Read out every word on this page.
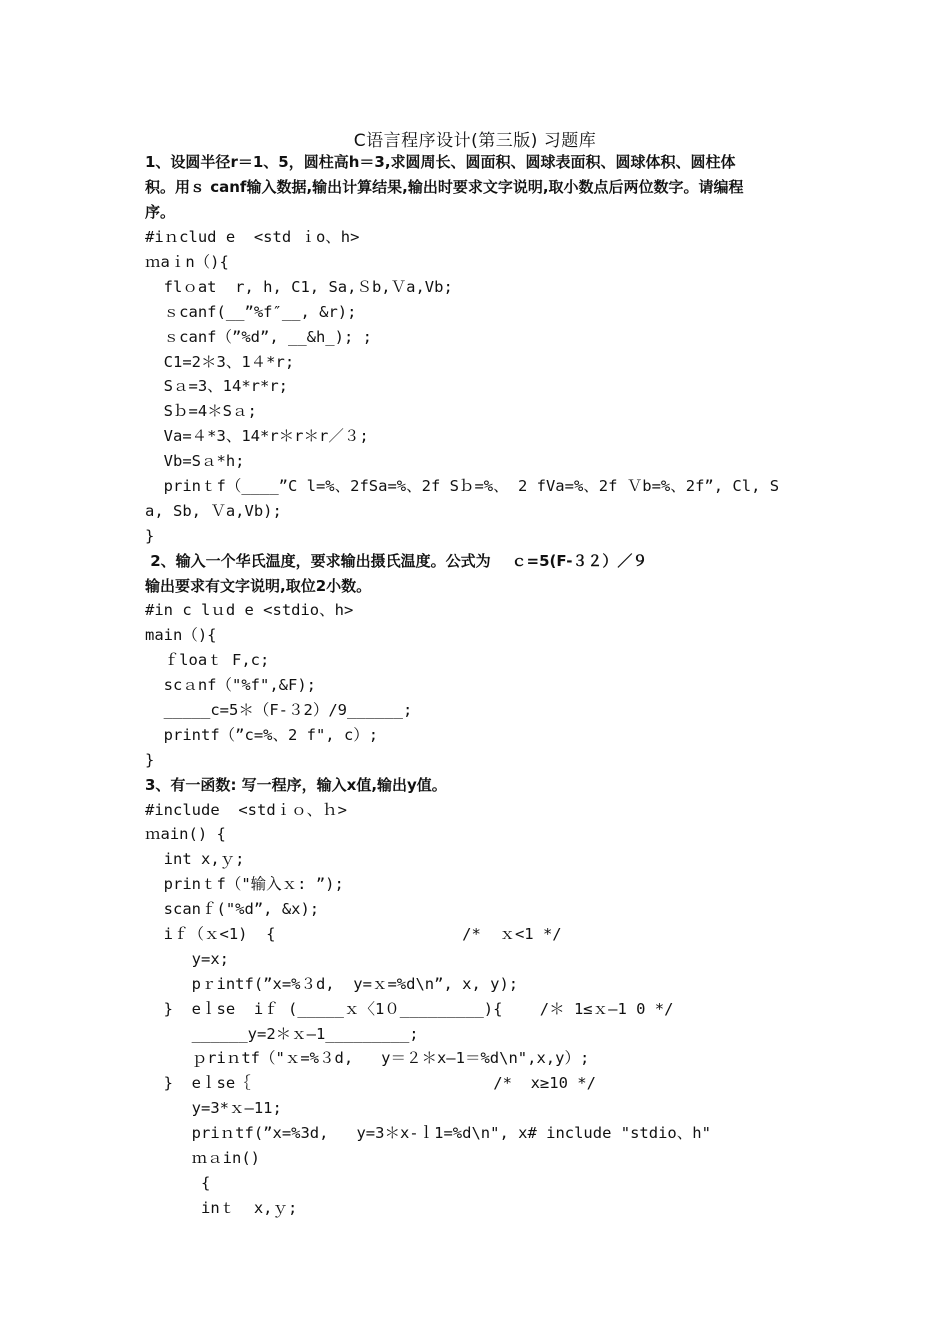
C语言程序设计(第三版) 习题库
1、设圆半径r＝1、5，圆柱高h＝3,求圆周长、圆面积、圆球表面积、圆球体积、圆柱体
积。用ｓ canf输入数据,输出计算结果,输出时要求文字说明,取小数点后两位数字。请编程
序。
#iｎclud e  <std ｉo、h>
ｍaｉn（){
flｏat  r, h, C1, Sa,Ｓb,Ｖa,Vb;
ｓcanf(__”%f″__, &r);
ｓcanf（”%d”, __&h_); ;
C1=2＊3、1４*r;
Sａ=3、14*r*r;
Sｂ=4＊Sａ;
Va=４*3、14*r＊r＊r／３;
Vb=Sａ*h;
prinｔf（____”C l=%、2fSa=%、2f Sｂ=%、 2 fVa=%、2f Ｖb=%、2f”, Cl, S
a, Sb, Ｖa,Vb);
}
2、输入一个华氏温度，要求输出摄氏温度。公式为    ｃ=5(F-３２）／９
输出要求有文字说明,取位2小数。
#in c lｕd e <stdio、h>
main（){
ｆloaｔ F,c;
scａnf（"%f",&F);
_____c=5＊（F-３2）/9______;
printf（”c=%、2 f", c）;
}
3、有一函数: 写一程序，输入x值,输出y值。
#include  <stdｉｏ、ｈ>
ｍain() {
int x,ｙ;
prinｔf（"输入ｘ: ”);
scanｆ("%d”, &x);
iｆ（ｘ<1)  {                    /*  ｘ<1 */
y=x;
pｒintf(”x=%３d,  y=ｘ=%d\n”, x, y);
}  eｌse  iｆ (_____ｘ〈1０_________){    /＊ 1≤ｘ—1 0 */
______y=2＊ｘ—1_________;
ｐriｎtf（"ｘ=%３d,   y＝２＊x—1＝%d\n",x,y）;
}  eｌse｛                          /*  x≥10 */
y=3*ｘ—11;
priｎtf(”x=%3d,   y=3＊x-ｌ1=%d\n", x# include "stdio、h"
ｍａin()
{
inｔ  x,ｙ;
